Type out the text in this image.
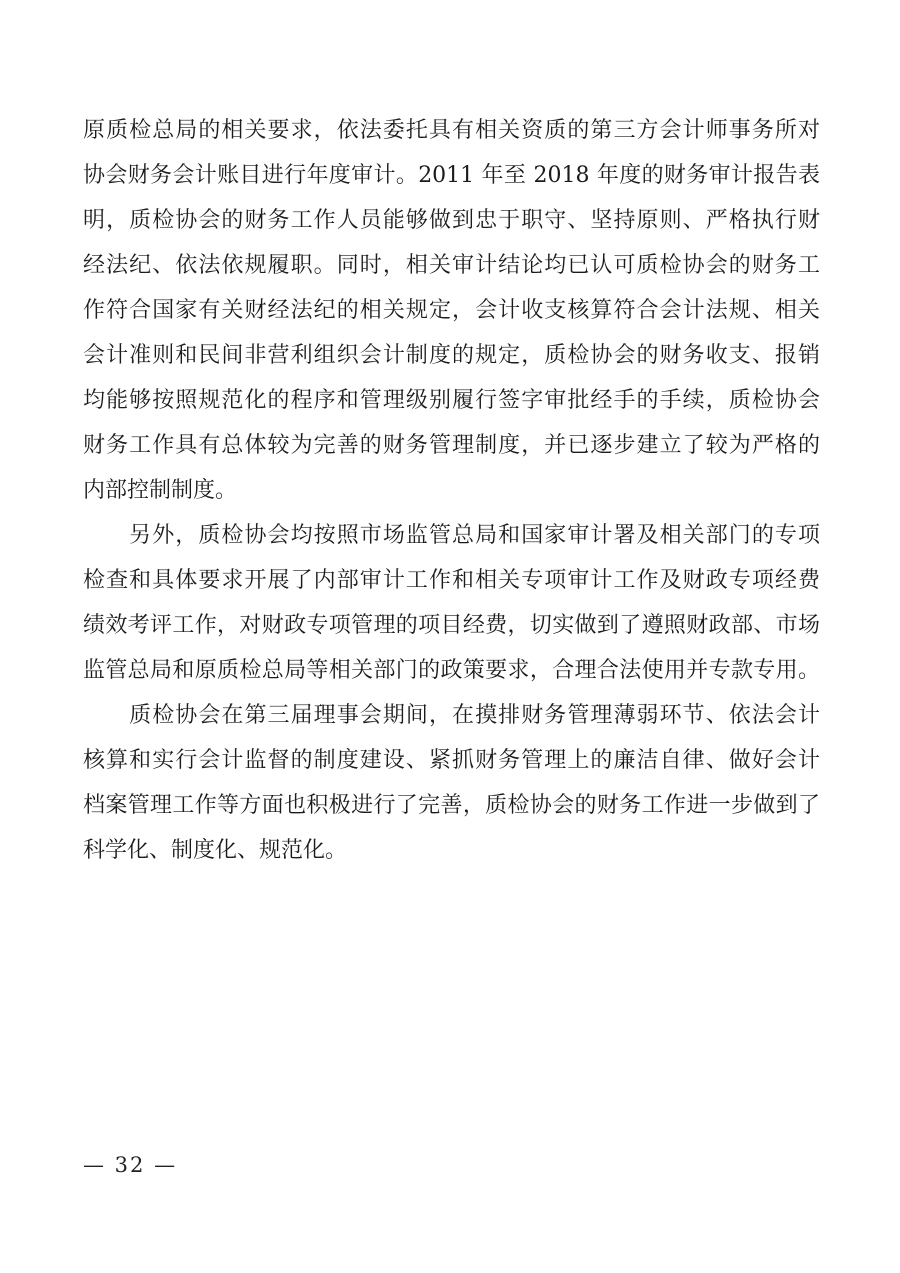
原质检总局的相关要求，依法委托具有相关资质的第三方会计师事务所对
协会财务会计账目进行年度审计。2011 年至 2018 年度的财务审计报告表
明，质检协会的财务工作人员能够做到忠于职守、坚持原则、严格执行财
经法纪、依法依规履职。同时，相关审计结论均已认可质检协会的财务工
作符合国家有关财经法纪的相关规定，会计收支核算符合会计法规、相关
会计准则和民间非营利组织会计制度的规定，质检协会的财务收支、报销
均能够按照规范化的程序和管理级别履行签字审批经手的手续，质检协会
财务工作具有总体较为完善的财务管理制度，并已逐步建立了较为严格的
内部控制制度。
　　另外，质检协会均按照市场监管总局和国家审计署及相关部门的专项
检查和具体要求开展了内部审计工作和相关专项审计工作及财政专项经费
绩效考评工作，对财政专项管理的项目经费，切实做到了遵照财政部、市场
监管总局和原质检总局等相关部门的政策要求，合理合法使用并专款专用。
　　质检协会在第三届理事会期间，在摸排财务管理薄弱环节、依法会计
核算和实行会计监督的制度建设、紧抓财务管理上的廉洁自律、做好会计
档案管理工作等方面也积极进行了完善，质检协会的财务工作进一步做到了
科学化、制度化、规范化。
— 32 —
